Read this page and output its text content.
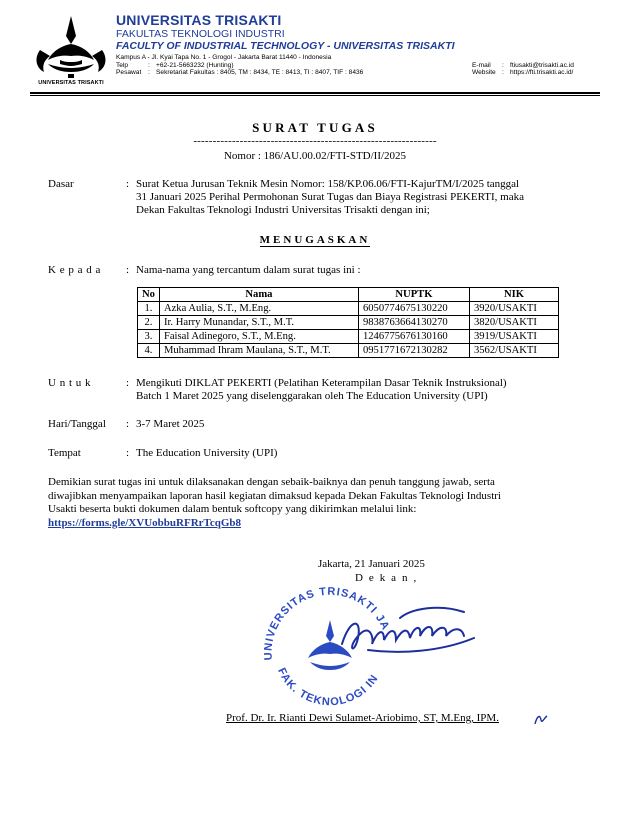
UNIVERSITAS TRISAKTI
UNIVERSITAS TRISAKTI
FAKULTAS TEKNOLOGI INDUSTRI
FACULTY OF INDUSTRIAL TECHNOLOGY - UNIVERSITAS TRISAKTI
Kampus A - Jl. Kyai Tapa No. 1 - Grogol - Jakarta Barat 11440 - Indonesia
Telp	: +62-21-5663232 (Hunting)	E-mail : ftiusakti@trisakti.ac.id
Pesawat : Sekretariat Fakultas : 8405, TM : 8434, TE : 8413, TI : 8407, TIF : 8436	Website : https://fti.trisakti.ac.id/
SURAT TUGAS
---------------------------------------------------------------
Nomor : 186/AU.00.02/FTI-STD/II/2025
Dasar	: Surat Ketua Jurusan Teknik Mesin Nomor: 158/KP.06.06/FTI-KajurTM/I/2025 tanggal
31 Januari 2025 Perihal Permohonan Surat Tugas dan Biaya Registrasi PEKERTI, maka
Dekan Fakultas Teknologi Industri Universitas Trisakti dengan ini;
MENUGASKAN
K e p a d a : Nama-nama yang tercantum dalam surat tugas ini :
No	Nama	NUPTK	NIK
1.	Azka Aulia, S.T., M.Eng.	6050774675130220	3920/USAKTI
2.	Ir. Harry Munandar, S.T., M.T.	9838763664130270	3820/USAKTI
3.	Faisal Adinegoro, S.T., M.Eng.	1246775676130160	3919/USAKTI
4.	Muhammad Ihram Maulana, S.T., M.T.	0951771672130282	3562/USAKTI
U n t u k	: Mengikuti DIKLAT PEKERTI (Pelatihan Keterampilan Dasar Teknik Instruksional)
Batch 1 Maret 2025 yang diselenggarakan oleh The Education University (UPI)
Hari/Tanggal : 3-7 Maret 2025
Tempat	: The Education University (UPI)
Demikian surat tugas ini untuk dilaksanakan dengan sebaik-baiknya dan penuh tanggung jawab, serta
diwajibkan menyampaikan laporan hasil kegiatan dimaksud kepada Dekan Fakultas Teknologi Industri
Usakti beserta bukti dokumen dalam bentuk softcopy yang dikirimkan melalui link:
https://forms.gle/XVUobbuRFRrTcqGb8
Jakarta, 21 Januari 2025
D e k a n ,
UNIVERSITAS TRISAKTI JA
FAK. TEKNOLOGI IN
Prof. Dr. Ir. Rianti Dewi Sulamet-Ariobimo, ST, M.Eng, IPM.
